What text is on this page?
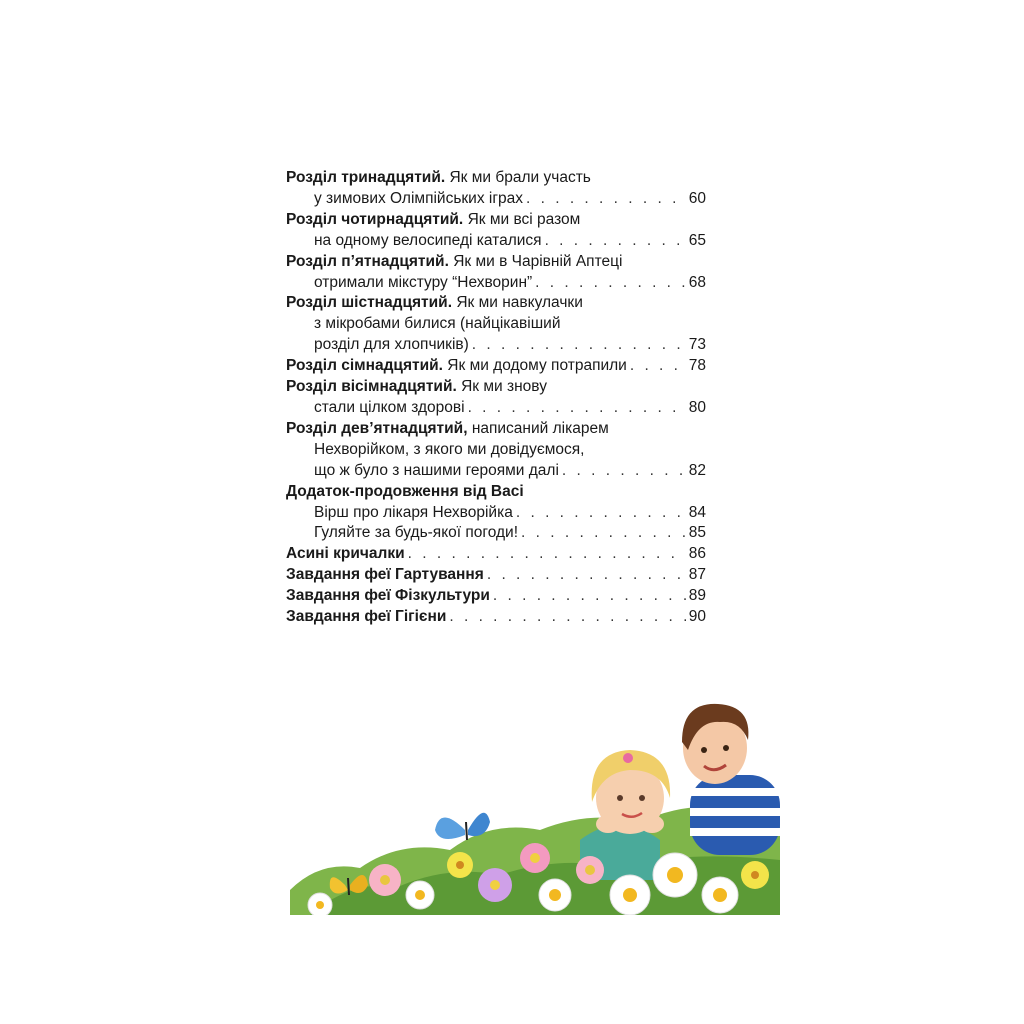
Розділ тринадцятий.
Як ми брали участь
у зимових Олімпійських іграх . . .	60
Розділ чотирнадцятий.
Як ми всі разом
на одному велосипеді каталися . . .	65
Розділ п’ятнадцятий.
Як ми в Чарівній Аптеці
отримали мікстуру “Нехворин” . . .	68
Розділ шістнадцятий.
Як ми навкулачки
з мікробами билися (найцікавіший
розділ для хлопчиків) . . .	73
Розділ сімнадцятий.
Як ми додому потрапили . . .	78
Розділ вісімнадцятий.
Як ми знову
стали цілком здорові . . .	80
Розділ дев’ятнадцятий,
написаний лікарем
Нехворійком, з якого ми довідуємося,
що ж було з нашими героями далі . . .	82
Додаток-продовження від Васі
Вірш про лікаря Нехворійка . . .	84
Гуляйте за будь-якої погоди! . . .	85
Асині кричалки . . .	86
Завдання феї Гартування . . .	87
Завдання феї Фізкультури . . .	89
Завдання феї Гігієни . . .	90
